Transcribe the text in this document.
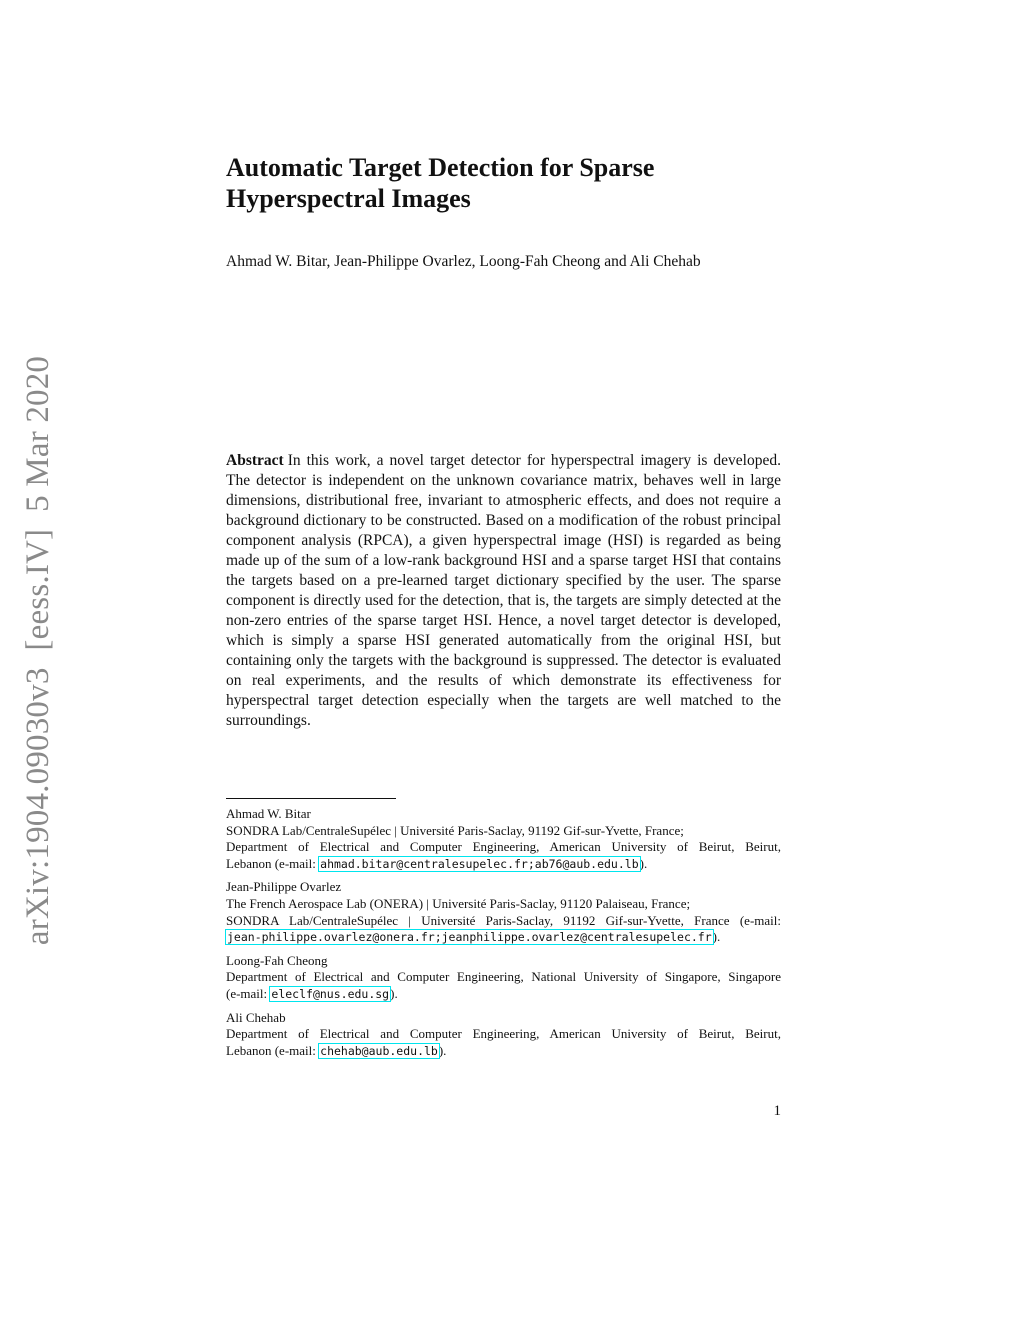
arXiv:1904.09030v3  [eess.IV]  5 Mar 2020
Automatic Target Detection for Sparse
Hyperspectral Images
Ahmad W. Bitar, Jean-Philippe Ovarlez, Loong-Fah Cheong and Ali Chehab

Abstract In this work, a novel target detector for hyperspectral imagery is developed. The detector is independent on the unknown covariance matrix, behaves well in large dimensions, distributional free, invariant to atmospheric effects, and does not require a background dictionary to be constructed. Based on a modification of the robust principal component analysis (RPCA), a given hyperspectral image (HSI) is regarded as being made up of the sum of a low-rank background HSI and a sparse target HSI that contains the targets based on a pre-learned target dictionary specified by the user. The sparse component is directly used for the detection, that is, the targets are simply detected at the non-zero entries of the sparse target HSI. Hence, a novel target detector is developed, which is simply a sparse HSI generated automatically from the original HSI, but containing only the targets with the background is suppressed. The detector is evaluated on real experiments, and the results of which demonstrate its effectiveness for hyperspectral target detection especially when the targets are well matched to the surroundings.

Ahmad W. Bitar
SONDRA Lab/CentraleSupélec | Université Paris-Saclay, 91192 Gif-sur-Yvette, France;
Department of Electrical and Computer Engineering, American University of Beirut, Beirut,
Lebanon (e-mail: ahmad.bitar@centralesupelec.fr;ab76@aub.edu.lb).
Jean-Philippe Ovarlez
The French Aerospace Lab (ONERA) | Université Paris-Saclay, 91120 Palaiseau, France;
SONDRA Lab/CentraleSupélec | Université Paris-Saclay, 91192 Gif-sur-Yvette, France (e-mail:
jean-philippe.ovarlez@onera.fr;jeanphilippe.ovarlez@centralesupelec.fr).
Loong-Fah Cheong
Department of Electrical and Computer Engineering, National University of Singapore, Singapore
(e-mail: eleclf@nus.edu.sg).
Ali Chehab
Department of Electrical and Computer Engineering, American University of Beirut, Beirut,
Lebanon (e-mail: chehab@aub.edu.lb).
1
